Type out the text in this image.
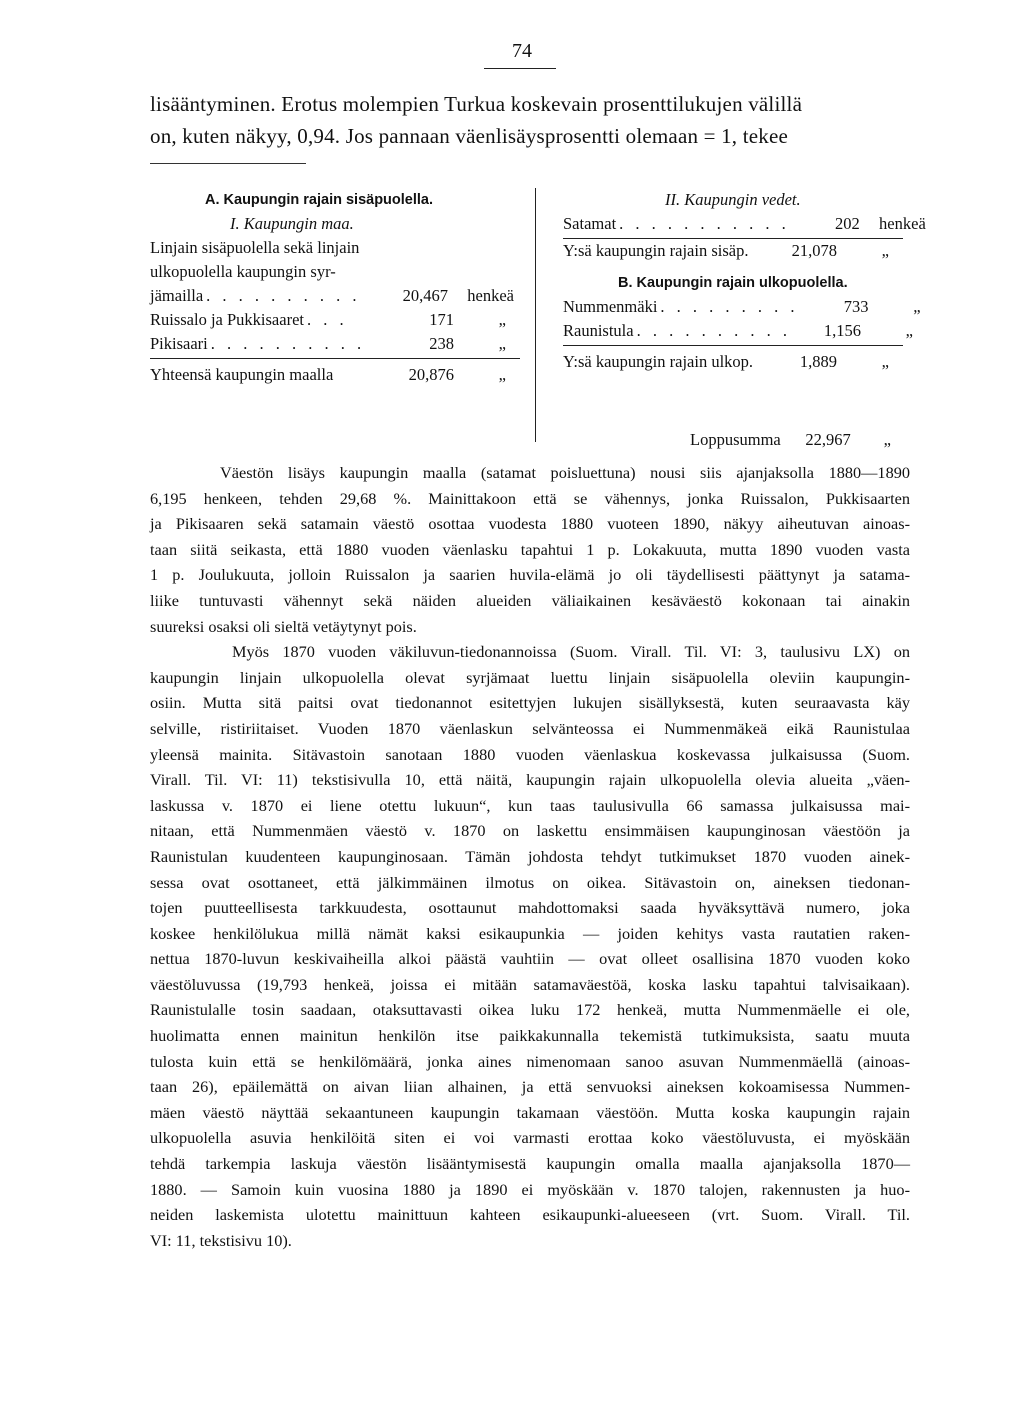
74
lisääntyminen. Erotus molempien Turkua koskevain prosenttilukujen välillä
on, kuten näkyy, 0,94. Jos pannaan väenlisäysprosentti olemaan = 1, tekee
A. Kaupungin rajain sisäpuolella.
I. Kaupungin maa.
Linjain sisäpuolella sekä linjain
ulkopuolella kaupungin syr-
jämailla . . . . . . . . . .	20,467	henkeä
Ruissalo ja Pukkisaaret . . .	171	„
Pikisaari . . . . . . . . . .	238	„
Yhteensä kaupungin maalla	20,876	„
II. Kaupungin vedet.
Satamat . . . . . . . . . . .	202	henkeä
Y:sä kaupungin rajain sisäp.	21,078	„
B. Kaupungin rajain ulkopuolella.
Nummenmäki . . . . . . . . .	733	„
Raunistula . . . . . . . . . .	1,156	„
Y:sä kaupungin rajain ulkop.	1,889	„
Loppusumma	22,967	„
Väestön lisäys kaupungin maalla (satamat poisluettuna) nousi siis ajanjaksolla 1880—1890
6,195 henkeen, tehden 29,68 %. Mainittakoon että se vähennys, jonka Ruissalon, Pukkisaarten
ja Pikisaaren sekä satamain väestö osottaa vuodesta 1880 vuoteen 1890, näkyy aiheutuvan ainoas-
taan siitä seikasta, että 1880 vuoden väenlasku tapahtui 1 p. Lokakuuta, mutta 1890 vuoden vasta
1 p. Joulukuuta, jolloin Ruissalon ja saarien huvila-elämä jo oli täydellisesti päättynyt ja satama-
liike tuntuvasti vähennyt sekä näiden alueiden väliaikainen kesäväestö kokonaan tai ainakin
suureksi osaksi oli sieltä vetäytynyt pois.
Myös 1870 vuoden väkiluvun-tiedonannoissa (Suom. Virall. Til. VI: 3, taulusivu LX) on
kaupungin linjain ulkopuolella olevat syrjämaat luettu linjain sisäpuolella oleviin kaupungin-
osiin. Mutta sitä paitsi ovat tiedonannot esitettyjen lukujen sisällyksestä, kuten seuraavasta käy
selville, ristiriitaiset. Vuoden 1870 väenlaskun selvänteossa ei Nummenmäkeä eikä Raunistulaa
yleensä mainita. Sitävastoin sanotaan 1880 vuoden väenlaskua koskevassa julkaisussa (Suom.
Virall. Til. VI: 11) tekstisivulla 10, että näitä, kaupungin rajain ulkopuolella olevia alueita „väen-
laskussa v. 1870 ei liene otettu lukuun“, kun taas taulusivulla 66 samassa julkaisussa mai-
nitaan, että Nummenmäen väestö v. 1870 on laskettu ensimmäisen kaupunginosan väestöön ja
Raunistulan kuudenteen kaupunginosaan. Tämän johdosta tehdyt tutkimukset 1870 vuoden ainek-
sessa ovat osottaneet, että jälkimmäinen ilmotus on oikea. Sitävastoin on, aineksen tiedonan-
tojen puutteellisesta tarkkuudesta, osottaunut mahdottomaksi saada hyväksyttävä numero, joka
koskee henkilölukua millä nämät kaksi esikaupunkia — joiden kehitys vasta rautatien raken-
nettua 1870-luvun keskivaiheilla alkoi päästä vauhtiin — ovat olleet osallisina 1870 vuoden koko
väestöluvussa (19,793 henkeä, joissa ei mitään satamaväestöä, koska lasku tapahtui talvisaikaan).
Raunistulalle tosin saadaan, otaksuttavasti oikea luku 172 henkeä, mutta Nummenmäelle ei ole,
huolimatta ennen mainitun henkilön itse paikkakunnalla tekemistä tutkimuksista, saatu muuta
tulosta kuin että se henkilömäärä, jonka aines nimenomaan sanoo asuvan Nummenmäellä (ainoas-
taan 26), epäilemättä on aivan liian alhainen, ja että senvuoksi aineksen kokoamisessa Nummen-
mäen väestö näyttää sekaantuneen kaupungin takamaan väestöön. Mutta koska kaupungin rajain
ulkopuolella asuvia henkilöitä siten ei voi varmasti erottaa koko väestöluvusta, ei myöskään
tehdä tarkempia laskuja väestön lisääntymisestä kaupungin omalla maalla ajanjaksolla 1870—
1880. — Samoin kuin vuosina 1880 ja 1890 ei myöskään v. 1870 talojen, rakennusten ja huo-
neiden laskemista ulotettu mainittuun kahteen esikaupunki-alueeseen (vrt. Suom. Virall. Til.
VI: 11, tekstisivu 10).
